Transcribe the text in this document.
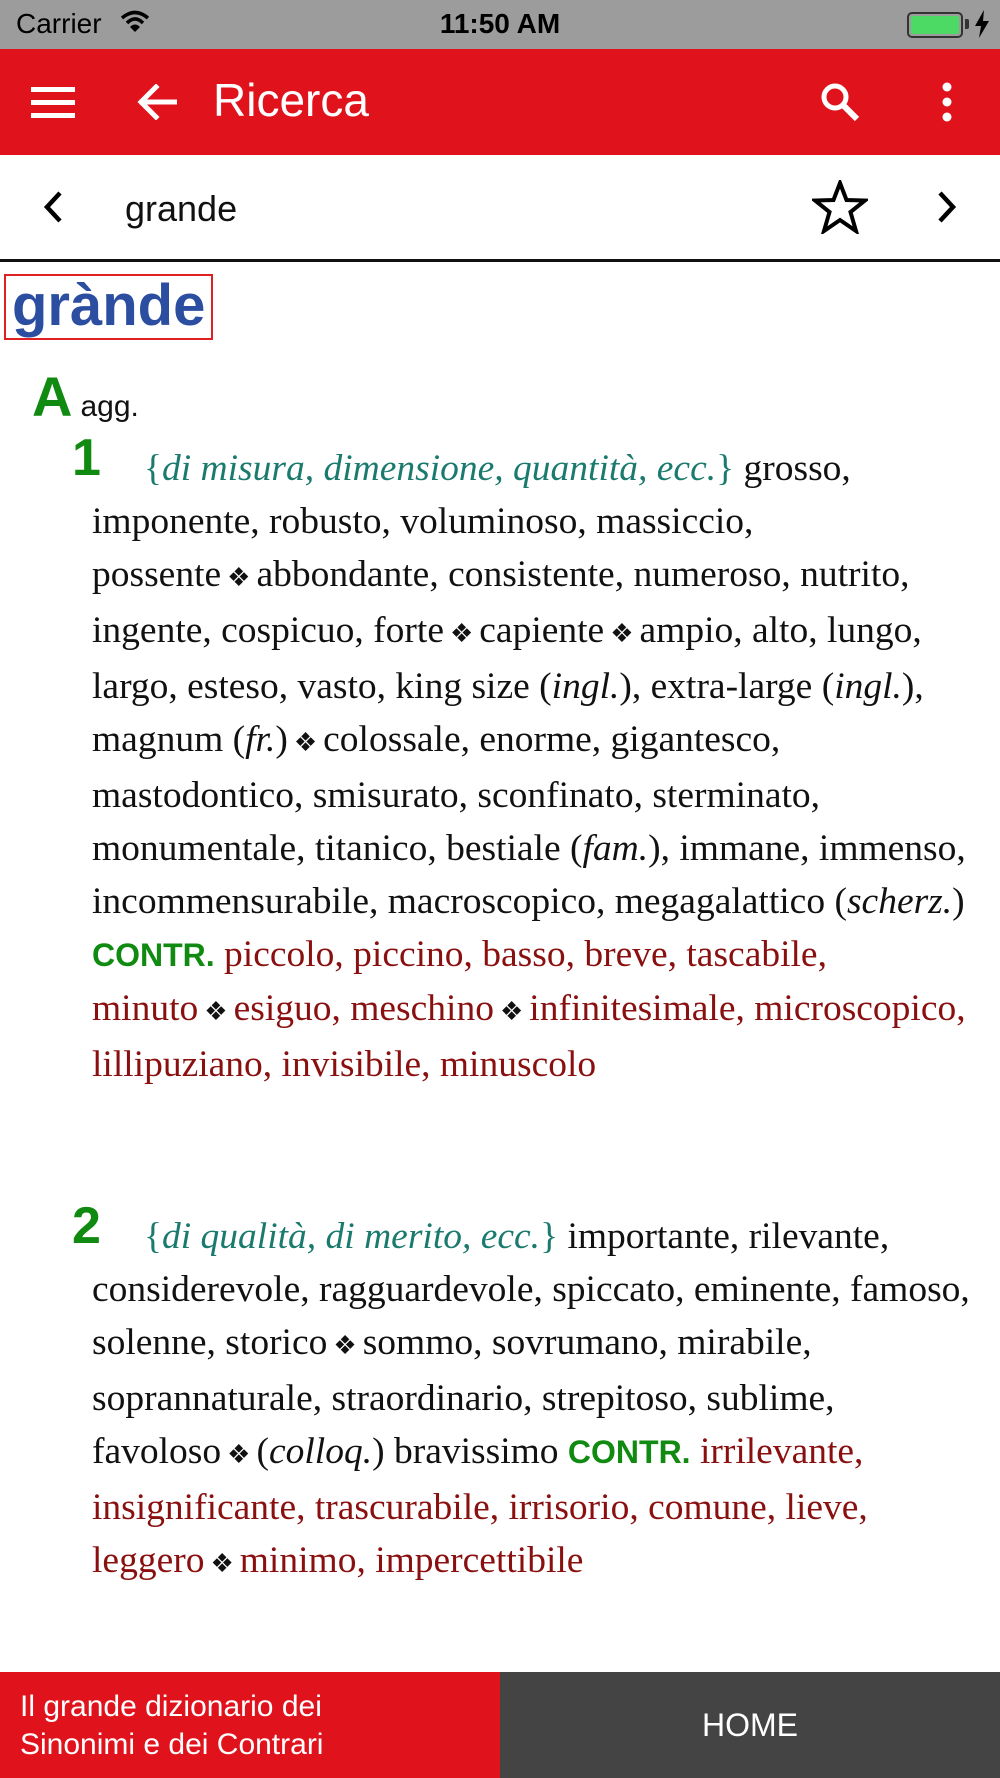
Carrier	11:50 AM
Ricerca
grande
grànde
Aagg.
1	{di misura, dimensione, quantità, ecc.} grosso, imponente, robusto, voluminoso, massiccio, possente ❖ abbondante, consistente, numeroso, nutrito, ingente, cospicuo, forte ❖ capiente ❖ ampio, alto, lungo, largo, esteso, vasto, king size (ingl.), extra-large (ingl.), magnum (fr.) ❖ colossale, enorme, gigantesco, mastodontico, smisurato, sconfinato, sterminato, monumentale, titanico, bestiale (fam.), immane, immenso, incommensurabile, macroscopico, megagalattico (scherz.) CONTR. piccolo, piccino, basso, breve, tascabile, minuto ❖ esiguo, meschino ❖ infinitesimale, microscopico, lillipuziano, invisibile, minuscolo
2	{di qualità, di merito, ecc.} importante, rilevante, considerevole, ragguardevole, spiccato, eminente, famoso, solenne, storico ❖ sommo, sovrumano, mirabile, soprannaturale, straordinario, strepitoso, sublime, favoloso ❖ (colloq.) bravissimo CONTR. irrilevante, insignificante, trascurabile, irrisorio, comune, lieve, leggero ❖ minimo, impercettibile
Il grande dizionario dei
Sinonimi e dei Contrari
HOME
